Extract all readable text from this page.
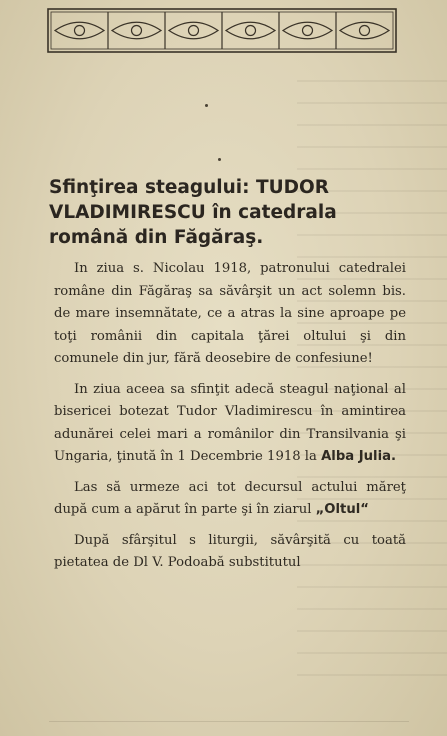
Sfinţirea steagului: TUDOR
VLADIMIRESCU în catedrala
română din Făgăraş.

In ziua s. Nicolau 1918, patronului catedralei române din Făgăraş sa săvârşit un act solemn bis. de mare insemnătate, ce a atras la sine aproape pe toţi românii din capitala ţărei oltului şi din comunele din jur, fără deosebire de confesiune!

In ziua aceea sa sfinţit adecă steagul naţional al bisericei botezat Tudor Vladimirescu în amintirea adunărei celei mari a românilor din Transilvania şi Ungaria, ţinută în 1 Decembrie 1918 la Alba Julia.

Las să urmeze aci tot decursul actului măreţ după cum a apărut în parte şi în ziarul „Oltul“

După sfârşitul s liturgii, săvârşită cu toată pietatea de Dl V. Podoabă substitutul
